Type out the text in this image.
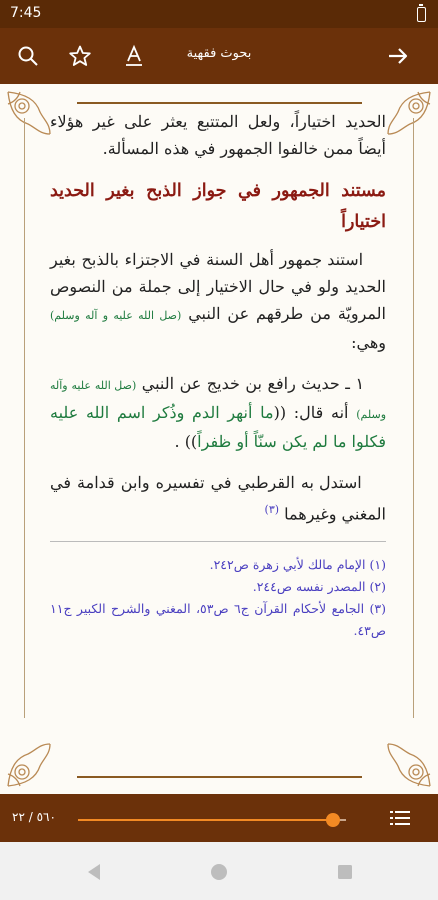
7:45
بحوث فقهية

الحديد اختياراً، ولعل المتتبع يعثر على غير هؤلاء أيضاً ممن خالفوا الجمهور في هذه المسألة.

مستند الجمهور في جواز الذبح بغير الحديد اختياراً

استند جمهور أهل السنة في الاجتزاء بالذبح بغير الحديد ولو في حال الاختيار إلى جملة من النصوص المرويّة من طرقهم عن النبي (صل الله عليه و آله وسلم) وهي:

١ ـ حديث رافع بن خديج عن النبي (صل الله عليه وآله وسلم) أنه قال: ((ما أنهر الدم وذُكر اسم الله عليه فكلوا ما لم يكن سنّاً أو ظفراً)) .

استدل به القرطبي في تفسيره وابن قدامة في المغني وغيرهما $^{(٣)}$

(١) الإمام مالك لأبي زهرة ص٢٤٢.

(٢) المصدر نفسه ص٢٤٤.

(٣) الجامع لأحكام القرآن ج٦ ص٥٣، المغني والشرح الكبير ج١١ ص٤٣.

٥٦٠ / ٢٢
